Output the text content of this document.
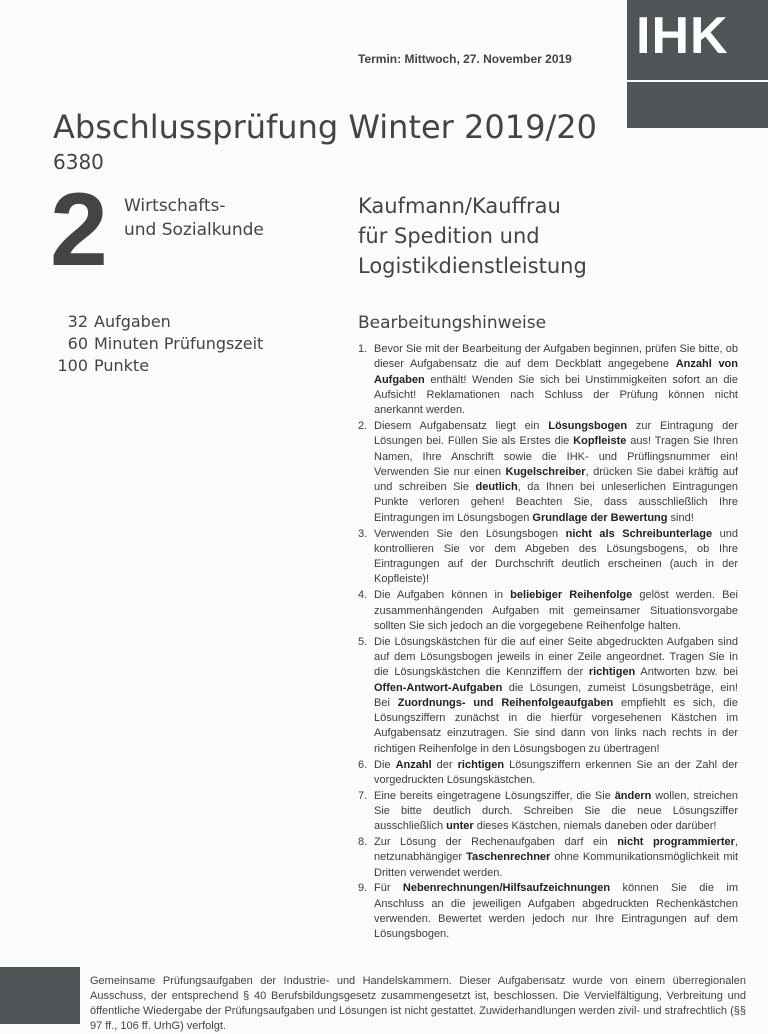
IHK
Termin: Mittwoch, 27. November 2019
Abschlussprüfung Winter 2019/20
6380
2 Wirtschafts-
und Sozialkunde
Kaufmann/Kauffrau
für Spedition und
Logistikdienstleistung
32 Aufgaben
60 Minuten Prüfungszeit
100 Punkte
Bearbeitungshinweise
1. Bevor Sie mit der Bearbeitung der Aufgaben beginnen, prüfen Sie bitte, ob dieser Aufgabensatz die auf dem Deckblatt angegebene Anzahl von Aufgaben enthält! Wenden Sie sich bei Unstimmigkeiten sofort an die Aufsicht! Reklamationen nach Schluss der Prüfung können nicht anerkannt werden.
2. Diesem Aufgabensatz liegt ein Lösungsbogen zur Eintragung der Lösungen bei. Füllen Sie als Erstes die Kopfleiste aus! Tragen Sie Ihren Namen, Ihre Anschrift sowie die IHK- und Prüflingsnummer ein! Verwenden Sie nur einen Kugelschreiber, drücken Sie dabei kräftig auf und schreiben Sie deutlich, da Ihnen bei unleserlichen Eintragungen Punkte verloren gehen! Beachten Sie, dass ausschließlich Ihre Eintragungen im Lösungsbogen Grundlage der Bewertung sind!
3. Verwenden Sie den Lösungsbogen nicht als Schreibunterlage und kontrollieren Sie vor dem Abgeben des Lösungsbogens, ob Ihre Eintragungen auf der Durchschrift deutlich erscheinen (auch in der Kopfleiste)!
4. Die Aufgaben können in beliebiger Reihenfolge gelöst werden. Bei zusammenhängenden Aufgaben mit gemeinsamer Situationsvorgabe sollten Sie sich jedoch an die vorgegebene Reihenfolge halten.
5. Die Lösungskästchen für die auf einer Seite abgedruckten Aufgaben sind auf dem Lösungsbogen jeweils in einer Zeile angeordnet. Tragen Sie in die Lösungskästchen die Kennziffern der richtigen Antworten bzw. bei Offen-Antwort-Aufgaben die Lösungen, zumeist Lösungsbeträge, ein! Bei Zuordnungs- und Reihenfolgeaufgaben empfiehlt es sich, die Lösungsziffern zunächst in die hierfür vorgesehenen Kästchen im Aufgabensatz einzutragen. Sie sind dann von links nach rechts in der richtigen Reihenfolge in den Lösungsbogen zu übertragen!
6. Die Anzahl der richtigen Lösungsziffern erkennen Sie an der Zahl der vorgedruckten Lösungskästchen.
7. Eine bereits eingetragene Lösungsziffer, die Sie ändern wollen, streichen Sie bitte deutlich durch. Schreiben Sie die neue Lösungsziffer ausschließlich unter dieses Kästchen, niemals daneben oder darüber!
8. Zur Lösung der Rechenaufgaben darf ein nicht programmierter, netzunabhängiger Taschenrechner ohne Kommunikationsmöglichkeit mit Dritten verwendet werden.
9. Für Nebenrechnungen/Hilfsaufzeichnungen können Sie die im Anschluss an die jeweiligen Aufgaben abgedruckten Rechenkästchen verwenden. Bewertet werden jedoch nur Ihre Eintragungen auf dem Lösungsbogen.
Gemeinsame Prüfungsaufgaben der Industrie- und Handelskammern. Dieser Aufgabensatz wurde von einem überregionalen Ausschuss, der entsprechend § 40 Berufsbildungsgesetz zusammengesetzt ist, beschlossen. Die Vervielfältigung, Verbreitung und öffentliche Wiedergabe der Prüfungsaufgaben und Lösungen ist nicht gestattet. Zuwiderhandlungen werden zivil- und strafrechtlich (§§ 97 ff., 106 ff. UrhG) verfolgt.
